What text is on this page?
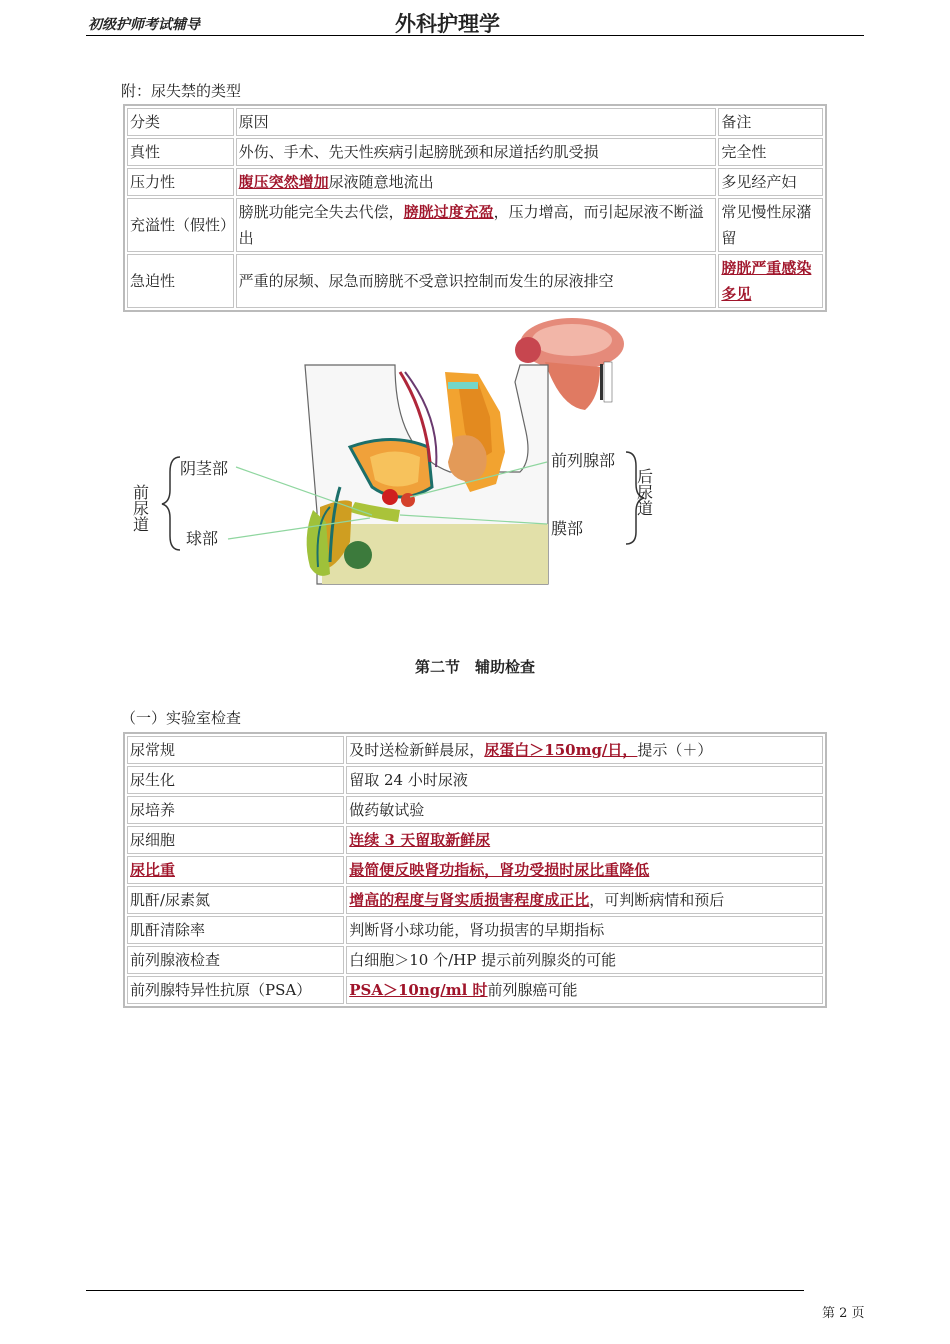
初级护师考试辅导	外科护理学
附：尿失禁的类型
分类	原因	备注
真性	外伤、手术、先天性疾病引起膀胱颈和尿道括约肌受损	完全性
压力性	腹压突然增加尿液随意地流出	多见经产妇
充溢性（假性）	膀胱功能完全失去代偿，膀胱过度充盈，压力增高，而引起尿液不断溢出	常见慢性尿潴留
急迫性	严重的尿频、尿急而膀胱不受意识控制而发生的尿液排空	膀胱严重感染多见
前尿道	后尿道
阴茎部
球部
前列腺部
膜部
第二节　辅助检查
（一）实验室检查
尿常规	及时送检新鲜晨尿，尿蛋白＞150mg/日，提示（＋）
尿生化	留取 24 小时尿液
尿培养	做药敏试验
尿细胞	连续 3 天留取新鲜尿
尿比重	最简便反映肾功指标，肾功受损时尿比重降低
肌酐/尿素氮	增高的程度与肾实质损害程度成正比，可判断病情和预后
肌酐清除率	判断肾小球功能，肾功损害的早期指标
前列腺液检查	白细胞＞10 个/HP 提示前列腺炎的可能
前列腺特异性抗原（PSA）	PSA＞10ng/ml 时前列腺癌可能
第 2 页
